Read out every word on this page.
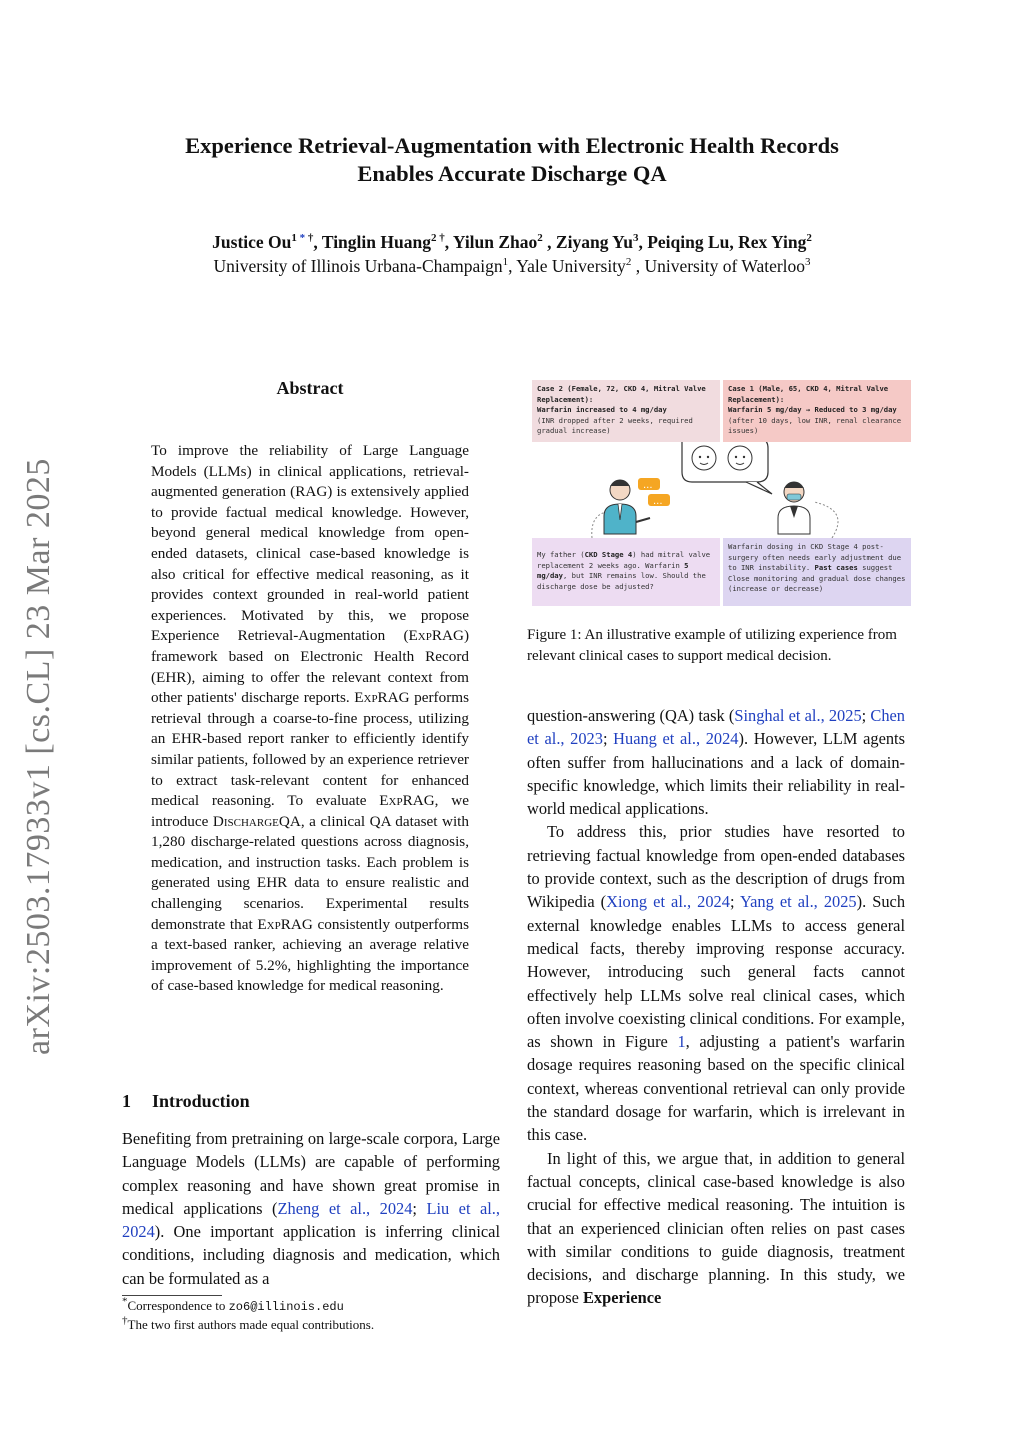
Experience Retrieval-Augmentation with Electronic Health Records
Enables Accurate Discharge QA
Justice Ou$^1$ * †, Tinglin Huang$^2$ †, Yilun Zhao$^2$ , Ziyang Yu$^3$, Peiqing Lu, Rex Ying$^2$
University of Illinois Urbana-Champaign$^1$, Yale University$^2$ , University of Waterloo$^3$
arXiv:2503.17933v1 [cs.CL] 23 Mar 2025
Abstract
To improve the reliability of Large Language Models (LLMs) in clinical applications, retrieval-augmented generation (RAG) is extensively applied to provide factual medical knowledge. However, beyond general medical knowledge from open-ended datasets, clinical case-based knowledge is also critical for effective medical reasoning, as it provides context grounded in real-world patient experiences. Motivated by this, we propose Experience Retrieval-Augmentation (ExpRAG) framework based on Electronic Health Record (EHR), aiming to offer the relevant context from other patients' discharge reports. ExpRAG performs retrieval through a coarse-to-fine process, utilizing an EHR-based report ranker to efficiently identify similar patients, followed by an experience retriever to extract task-relevant content for enhanced medical reasoning. To evaluate ExpRAG, we introduce DischargeQA, a clinical QA dataset with 1,280 discharge-related questions across diagnosis, medication, and instruction tasks. Each problem is generated using EHR data to ensure realistic and challenging scenarios. Experimental results demonstrate that ExpRAG consistently outperforms a text-based ranker, achieving an average relative improvement of 5.2%, highlighting the importance of case-based knowledge for medical reasoning.
1 Introduction
Benefiting from pretraining on large-scale corpora, Large Language Models (LLMs) are capable of performing complex reasoning and have shown great promise in medical applications (Zheng et al., 2024; Liu et al., 2024). One important application is inferring clinical conditions, including diagnosis and medication, which can be formulated as a
*Correspondence to zo6@illinois.edu
†The two first authors made equal contributions.
Case 2 (Female, 72, CKD 4, Mitral Valve Replacement):
Warfarin increased to 4 mg/day
(INR dropped after 2 weeks, required gradual increase)
Case 1 (Male, 65, CKD 4, Mitral Valve Replacement):
Warfarin 5 mg/day → Reduced to 3 mg/day
(after 10 days, low INR, renal clearance issues)
...
...
My father (CKD Stage 4) had mitral valve replacement 2 weeks ago. Warfarin 5 mg/day, but INR remains low. Should the discharge dose be adjusted?
Warfarin dosing in CKD Stage 4 post-surgery often needs early adjustment due to INR instability. Past cases suggest Close monitoring and gradual dose changes (increase or decrease)
Figure 1: An illustrative example of utilizing experience from relevant clinical cases to support medical decision.

question-answering (QA) task (Singhal et al., 2025; Chen et al., 2023; Huang et al., 2024). However, LLM agents often suffer from hallucinations and a lack of domain-specific knowledge, which limits their reliability in real-world medical applications.

To address this, prior studies have resorted to retrieving factual knowledge from open-ended databases to provide context, such as the description of drugs from Wikipedia (Xiong et al., 2024; Yang et al., 2025). Such external knowledge enables LLMs to access general medical facts, thereby improving response accuracy. However, introducing such general facts cannot effectively help LLMs solve real clinical cases, which often involve coexisting clinical conditions. For example, as shown in Figure 1, adjusting a patient's warfarin dosage requires reasoning based on the specific clinical context, whereas conventional retrieval can only provide the standard dosage for warfarin, which is irrelevant in this case.

In light of this, we argue that, in addition to general factual concepts, clinical case-based knowledge is also crucial for effective medical reasoning. The intuition is that an experienced clinician often relies on past cases with similar conditions to guide diagnosis, treatment decisions, and discharge planning. In this study, we propose Experience
